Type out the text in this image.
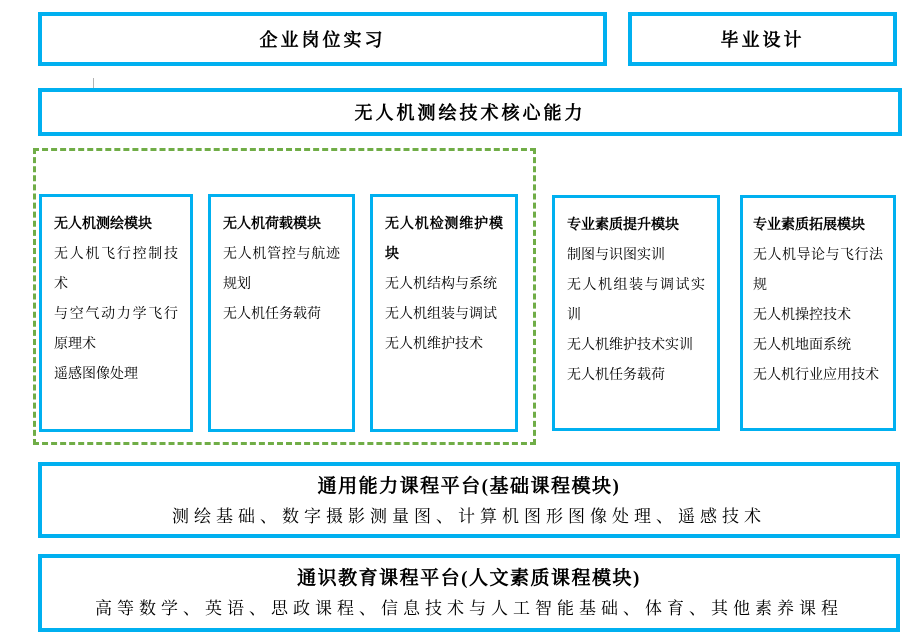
企业岗位实习	毕业设计
无人机测绘技术核心能力

无人机测绘模块

无人机飞行控制技术

与空气动力学飞行原理术

遥感图像处理

无人机荷载模块

无人机管控与航迹规划

无人机任务载荷

无人机检测维护模块

无人机结构与系统

无人机组装与调试

无人机维护技术

专业素质提升模块

制图与识图实训

无人机组装与调试实训

无人机维护技术实训

无人机任务载荷

专业素质拓展模块

无人机导论与飞行法规

无人机操控技术

无人机地面系统

无人机行业应用技术

通用能力课程平台(基础课程模块)
测绘基础、数字摄影测量图、计算机图形图像处理、遥感技术
通识教育课程平台(人文素质课程模块)
高等数学、英语、思政课程、信息技术与人工智能基础、体育、其他素养课程
